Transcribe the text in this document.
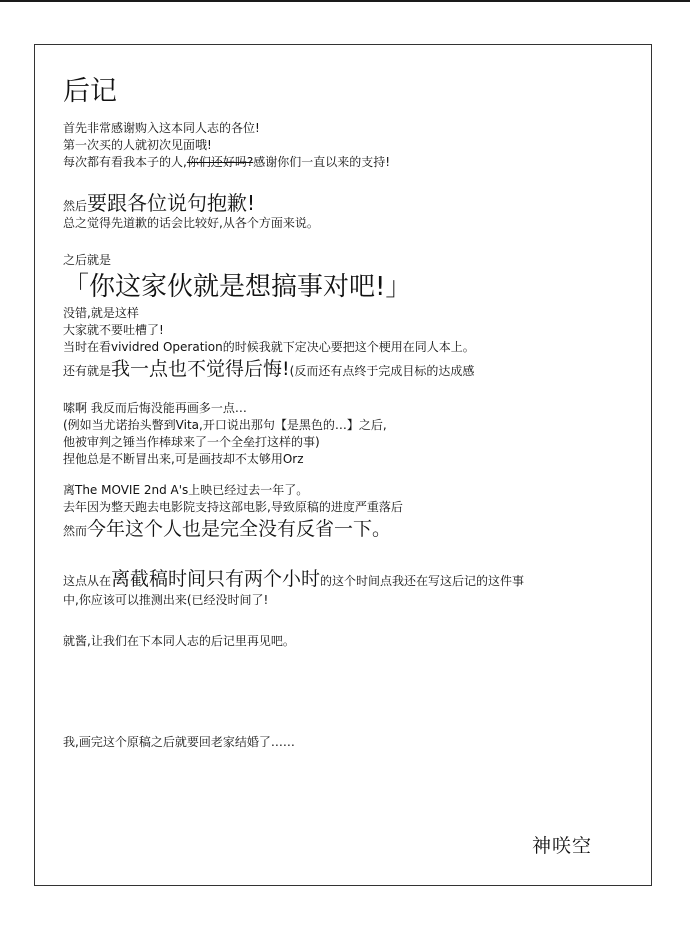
后记
首先非常感谢购入这本同人志的各位!
第一次买的人就初次见面哦!
每次都有看我本子的人,你们还好吗?感谢你们一直以来的支持!
然后要跟各位说句抱歉!
总之觉得先道歉的话会比较好,从各个方面来说。
之后就是
「你这家伙就是想搞事对吧!」
没错,就是这样
大家就不要吐槽了!
当时在看vividred Operation的时候我就下定决心要把这个梗用在同人本上。
还有就是我一点也不觉得后悔!(反而还有点终于完成目标的达成感
嗦啊 我反而后悔没能再画多一点…
(例如当尤诺抬头瞥到Vita,开口说出那句【是黑色的…】之后,
他被审判之锤当作棒球来了一个全垒打这样的事)
捏他总是不断冒出来,可是画技却不太够用Orz
离The MOVIE 2nd A's上映已经过去一年了。
去年因为整天跑去电影院支持这部电影,导致原稿的进度严重落后
然而今年这个人也是完全没有反省一下。
这点从在离截稿时间只有两个小时的这个时间点我还在写这后记的这件事
中,你应该可以推测出来(已经没时间了!
就酱,让我们在下本同人志的后记里再见吧。
我,画完这个原稿之后就要回老家结婚了……
神咲空
